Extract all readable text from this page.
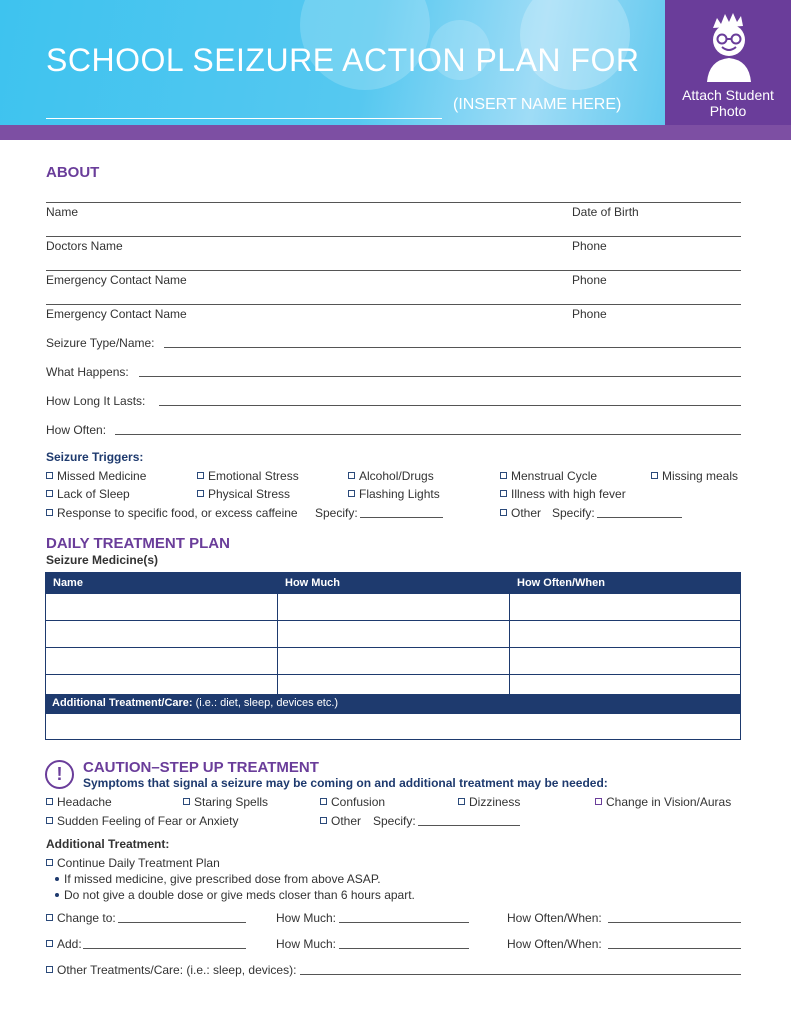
SCHOOL SEIZURE ACTION PLAN FOR
(INSERT NAME HERE)
Attach Student
Photo
ABOUT
Name	Date of Birth
Doctors Name	Phone
Emergency Contact Name	Phone
Emergency Contact Name	Phone
Seizure Type/Name:
What Happens:
How Long It Lasts:
How Often:
Seizure Triggers:
Missed Medicine	Emotional Stress	Alcohol/Drugs	Menstrual Cycle	Missing meals
Lack of Sleep	Physical Stress	Flashing Lights	Illness with high fever
Response to specific food, or excess caffeine Specify:	Other Specify:
DAILY TREATMENT PLAN
Seizure Medicine(s)
Name	How Much	How Often/When

Additional Treatment/Care: (i.e.: diet, sleep, devices etc.)
!	CAUTION–STEP UP TREATMENT
Symptoms that signal a seizure may be coming on and additional treatment may be needed:
Headache	Staring Spells	Confusion	Dizziness	Change in Vision/Auras
Sudden Feeling of Fear or Anxiety	Other Specify:
Additional Treatment:
Continue Daily Treatment Plan
If missed medicine, give prescribed dose from above ASAP.
Do not give a double dose or give meds closer than 6 hours apart.
Change to:	How Much:	How Often/When:
Add:	How Much:	How Often/When:
Other Treatments/Care: (i.e.: sleep, devices):
